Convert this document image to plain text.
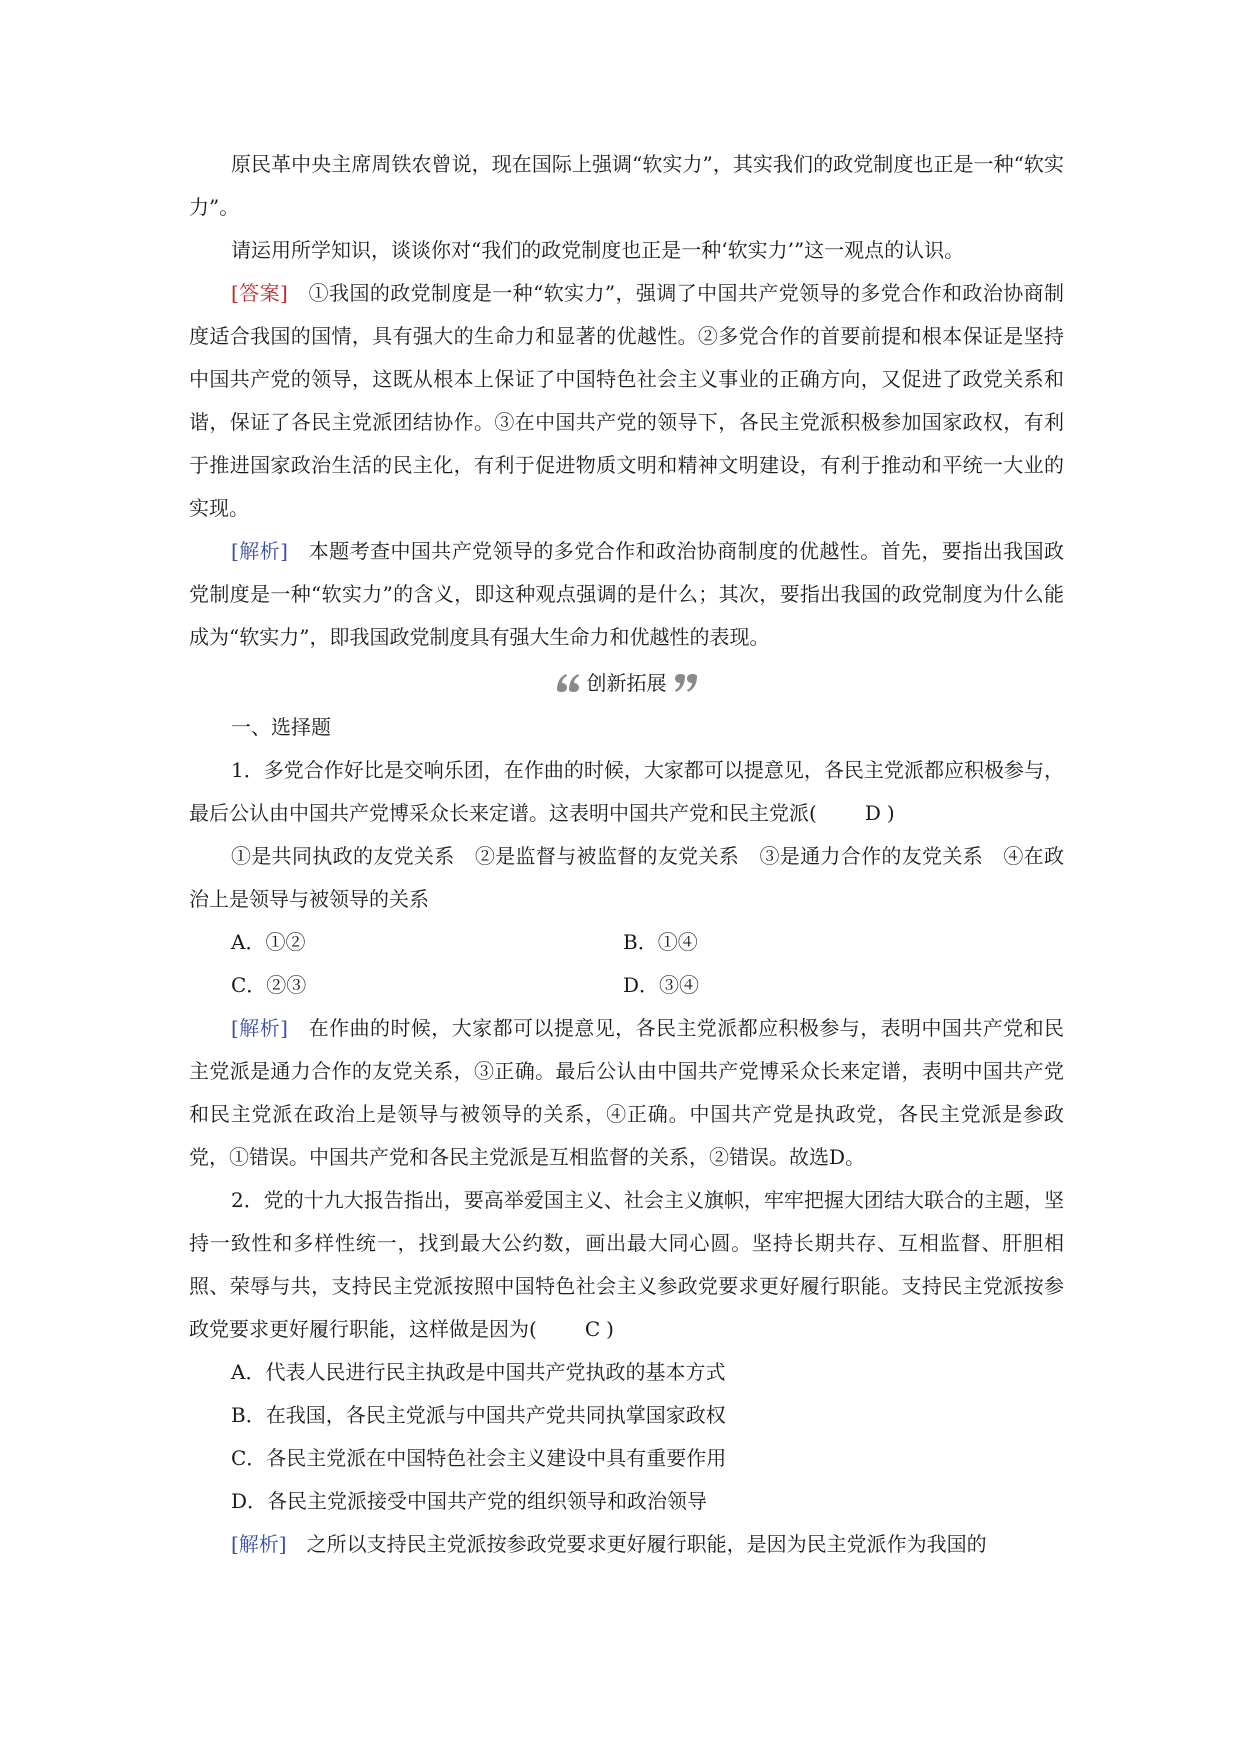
原民革中央主席周铁农曾说，现在国际上强调“软实力”，其实我们的政党制度也正是一种“软实力”。

请运用所学知识，谈谈你对“我们的政党制度也正是一种‘软实力’”这一观点的认识。

[答案]　 ①我国的政党制度是一种“软实力”，强调了中国共产党领导的多党合作和政治协商制度适合我国的国情，具有强大的生命力和显著的优越性。②多党合作的首要前提和根本保证是坚持中国共产党的领导，这既从根本上保证了中国特色社会主义事业的正确方向，又促进了政党关系和谐，保证了各民主党派团结协作。③在中国共产党的领导下，各民主党派积极参加国家政权，有利于推进国家政治生活的民主化，有利于促进物质文明和精神文明建设，有利于推动和平统一大业的实现。

[解析]　 本题考查中国共产党领导的多党合作和政治协商制度的优越性。首先，要指出我国政党制度是一种“软实力”的含义，即这种观点强调的是什么；其次，要指出我国的政党制度为什么能成为“软实力”，即我国政党制度具有强大生命力和优越性的表现。

创新拓展

一、选择题

1．多党合作好比是交响乐团，在作曲的时候，大家都可以提意见，各民主党派都应积极参与，最后公认由中国共产党博采众长来定谱。这表明中国共产党和民主党派( D )

①是共同执政的友党关系　②是监督与被监督的友党关系　③是通力合作的友党关系　④在政治上是领导与被领导的关系

A．①②	B．①④
C．②③	D．③④

[解析]　 在作曲的时候，大家都可以提意见，各民主党派都应积极参与，表明中国共产党和民主党派是通力合作的友党关系，③正确。最后公认由中国共产党博采众长来定谱，表明中国共产党和民主党派在政治上是领导与被领导的关系，④正确。中国共产党是执政党，各民主党派是参政党，①错误。中国共产党和各民主党派是互相监督的关系，②错误。故选D。

2．党的十九大报告指出，要高举爱国主义、社会主义旗帜，牢牢把握大团结大联合的主题，坚持一致性和多样性统一，找到最大公约数，画出最大同心圆。坚持长期共存、互相监督、肝胆相照、荣辱与共，支持民主党派按照中国特色社会主义参政党要求更好履行职能。支持民主党派按参政党要求更好履行职能，这样做是因为( C )

A．代表人民进行民主执政是中国共产党执政的基本方式

B．在我国，各民主党派与中国共产党共同执掌国家政权

C．各民主党派在中国特色社会主义建设中具有重要作用

D．各民主党派接受中国共产党的组织领导和政治领导

[解析]　 之所以支持民主党派按参政党要求更好履行职能，是因为民主党派作为我国的
